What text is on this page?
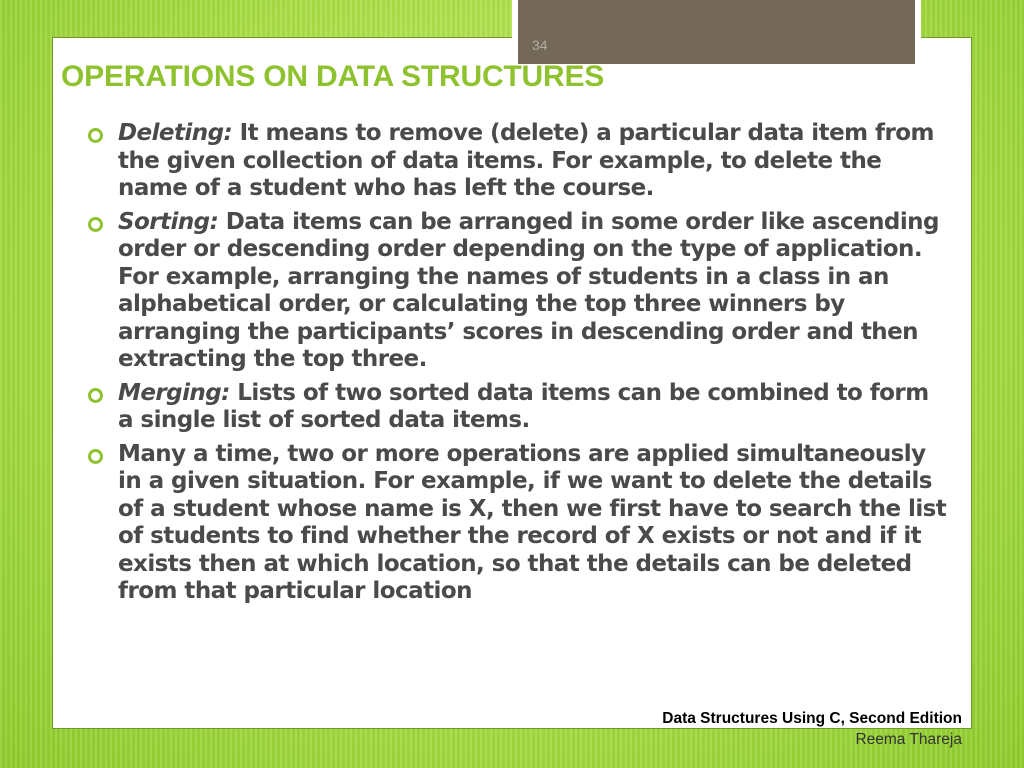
34
OPERATIONS ON DATA STRUCTURES
Deleting: It means to remove (delete) a particular data item from the given collection of data items. For example, to delete the name of a student who has left the course.
Sorting: Data items can be arranged in some order like ascending order or descending order depending on the type of application. For example, arranging the names of students in a class in an alphabetical order, or calculating the top three winners by arranging the participants’ scores in descending order and then extracting the top three.
Merging: Lists of two sorted data items can be combined to form a single list of sorted data items.
Many a time, two or more operations are applied simultaneously in a given situation. For example, if we want to delete the details of a student whose name is X, then we first have to search the list of students to find whether the record of X exists or not and if it exists then at which location, so that the details can be deleted from that particular location
Data Structures Using C, Second Edition
Reema Thareja
